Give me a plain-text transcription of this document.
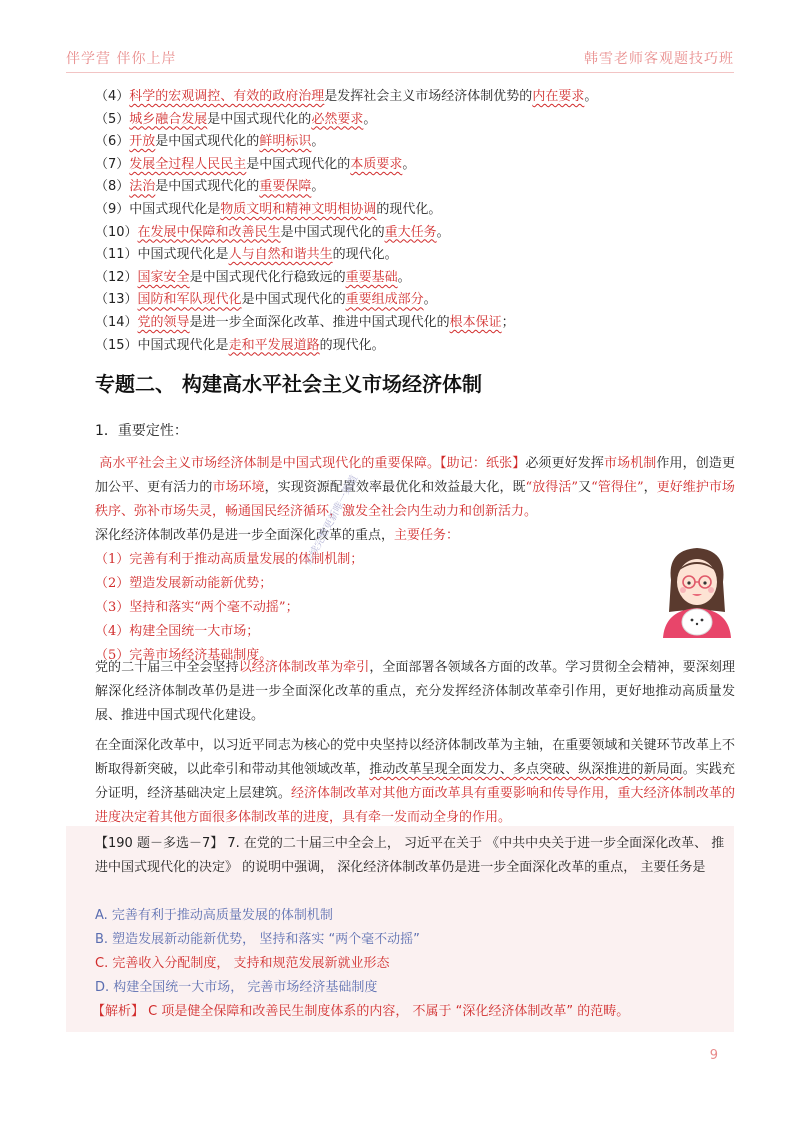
伴学营 伴你上岸	韩雪老师客观题技巧班
（4）科学的宏观调控、有效的政府治理是发挥社会主义市场经济体制优势的内在要求。
（5）城乡融合发展是中国式现代化的必然要求。
（6）开放是中国式现代化的鲜明标识。
（7）发展全过程人民民主是中国式现代化的本质要求。
（8）法治是中国式现代化的重要保障。
（9）中国式现代化是物质文明和精神文明相协调的现代化。
（10）在发展中保障和改善民生是中国式现代化的重大任务。
（11）中国式现代化是人与自然和谐共生的现代化。
（12）国家安全是中国式现代化行稳致远的重要基础。
（13）国防和军队现代化是中国式现代化的重要组成部分。
（14）党的领导是进一步全面深化改革、推进中国式现代化的根本保证；
（15）中国式现代化是走和平发展道路的现代化。
专题二、 构建高水平社会主义市场经济体制
1．重要定性：
高水平社会主义市场经济体制是中国式现代化的重要保障。【助记：纸张】必须更好发挥市场机制作用，创造更加公平、更有活力的市场环境，实现资源配置效率最优化和效益最大化，既“放得活”又“管得住”，更好维护市场秩序、弥补市场失灵，畅通国民经济循环，激发全社会内生动力和创新活力。
深化经济体制改革仍是进一步全面深化改革的重点，主要任务：
（1）完善有利于推动高质量发展的体制机制；
（2）塑造发展新动能新优势；
（3）坚持和落实“两个毫不动摇”；
（4）构建全国统一大市场；
（5）完善市场经济基础制度。
后续完整更新唯一渠道
党的二十届三中全会坚持以经济体制改革为牵引，全面部署各领域各方面的改革。学习贯彻全会精神，要深刻理解深化经济体制改革仍是进一步全面深化改革的重点，充分发挥经济体制改革牵引作用，更好地推动高质量发展、推进中国式现代化建设。
在全面深化改革中，以习近平同志为核心的党中央坚持以经济体制改革为主轴，在重要领域和关键环节改革上不断取得新突破，以此牵引和带动其他领域改革，推动改革呈现全面发力、多点突破、纵深推进的新局面。实践充分证明，经济基础决定上层建筑。经济体制改革对其他方面改革具有重要影响和传导作用，重大经济体制改革的进度决定着其他方面很多体制改革的进度，具有牵一发而动全身的作用。
【190 题－多选－7】 7. 在党的二十届三中全会上， 习近平在关于 《中共中央关于进一步全面深化改革、 推进中国式现代化的决定》 的说明中强调， 深化经济体制改革仍是进一步全面深化改革的重点， 主要任务是
A. 完善有利于推动高质量发展的体制机制
B. 塑造发展新动能新优势， 坚持和落实 “两个毫不动摇”
C. 完善收入分配制度， 支持和规范发展新就业形态
D. 构建全国统一大市场， 完善市场经济基础制度
【解析】 C 项是健全保障和改善民生制度体系的内容， 不属于 “深化经济体制改革” 的范畴。
9
